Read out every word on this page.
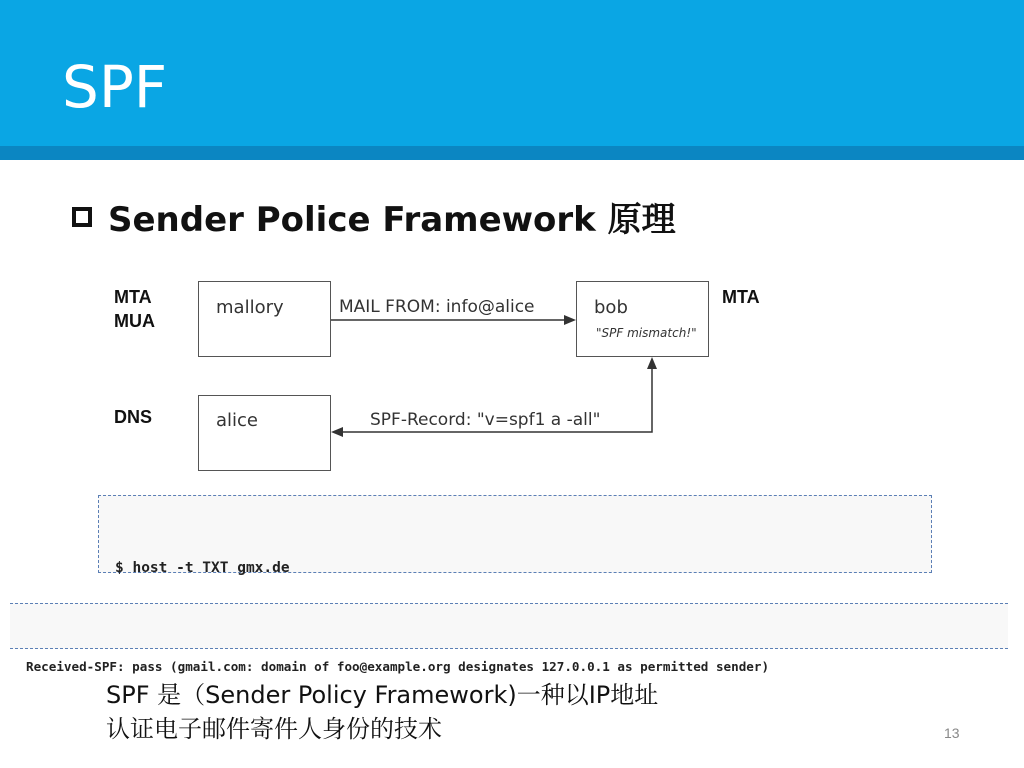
SPF
Sender Police Framework 原理
MTA
MUA
MTA
DNS
mallory	bob
"SPF mismatch!"
alice
MAIL FROM: info@alice
SPF-Record: "v=spf1 a -all"

$ host -t TXT gmx.de

Received-SPF: pass (gmail.com: domain of foo@example.org designates 127.0.0.1 as permitted sender)

SPF 是（Sender Policy Framework)一种以IP地址
认证电子邮件寄件人身份的技术	13
